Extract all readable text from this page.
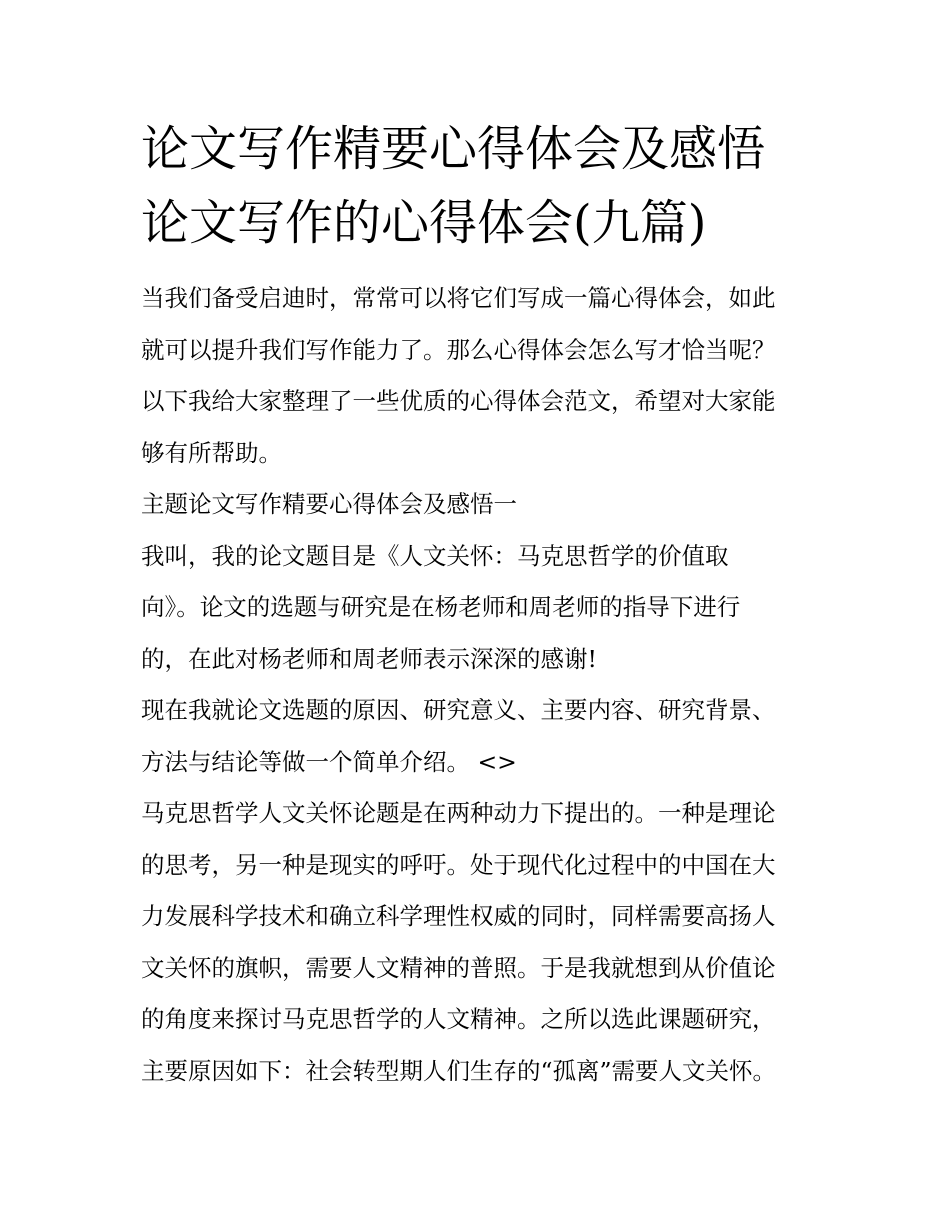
论文写作精要心得体会及感悟
论文写作的心得体会(九篇)
当我们备受启迪时，常常可以将它们写成一篇心得体会，如此
就可以提升我们写作能力了。那么心得体会怎么写才恰当呢？
以下我给大家整理了一些优质的心得体会范文，希望对大家能
够有所帮助。
主题论文写作精要心得体会及感悟一
我叫，我的论文题目是《人文关怀：马克思哲学的价值取
向》。论文的选题与研究是在杨老师和周老师的指导下进行
的，在此对杨老师和周老师表示深深的感谢!
现在我就论文选题的原因、研究意义、主要内容、研究背景、
方法与结论等做一个简单介绍。 <>
马克思哲学人文关怀论题是在两种动力下提出的。一种是理论
的思考，另一种是现实的呼吁。处于现代化过程中的中国在大
力发展科学技术和确立科学理性权威的同时，同样需要高扬人
文关怀的旗帜，需要人文精神的普照。于是我就想到从价值论
的角度来探讨马克思哲学的人文精神。之所以选此课题研究，
主要原因如下：社会转型期人们生存的“孤离”需要人文关怀。
